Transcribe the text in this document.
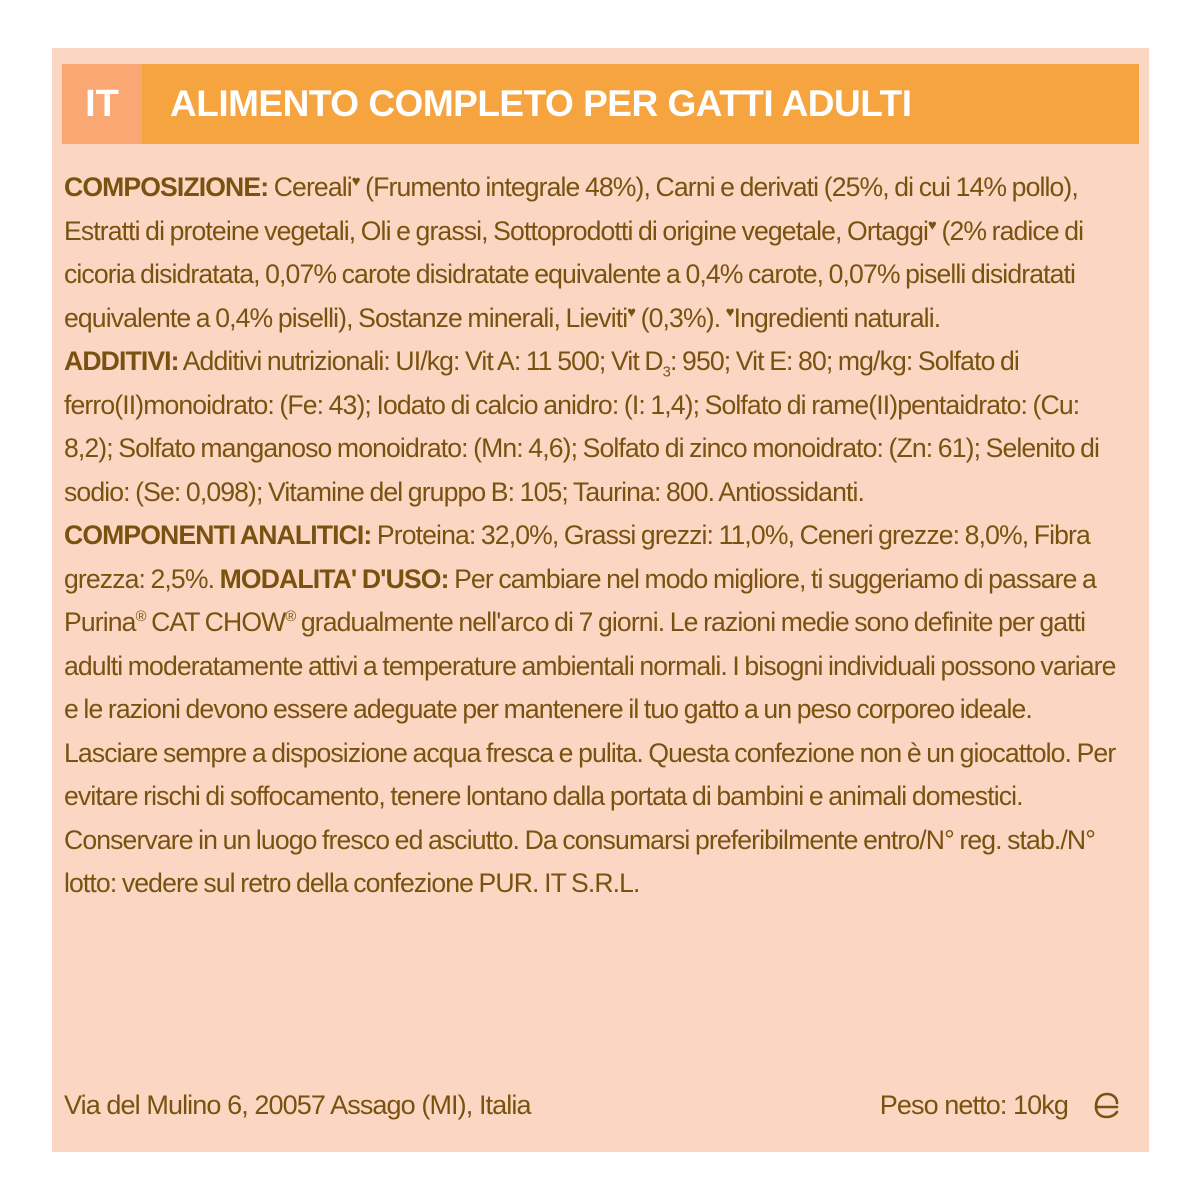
IT	ALIMENTO COMPLETO PER GATTI ADULTI

COMPOSIZIONE: Cereali♥ (Frumento integrale 48%), Carni e derivati (25%, di cui 14% pollo), Estratti di proteine vegetali, Oli e grassi, Sottoprodotti di origine vegetale, Ortaggi♥ (2% radice di cicoria disidratata, 0,07% carote disidratate equivalente a 0,4% carote, 0,07% piselli disidratati equivalente a 0,4% piselli), Sostanze minerali, Lieviti♥ (0,3%). ♥Ingredienti naturali.

ADDITIVI: Additivi nutrizionali: UI/kg: Vit A: 11 500; Vit $D_3$: 950; Vit E: 80; mg/kg: Solfato di ferro(II)monoidrato: (Fe: 43); Iodato di calcio anidro: (I: 1,4); Solfato di rame(II)pentaidrato: (Cu: 8,2); Solfato manganoso monoidrato: (Mn: 4,6); Solfato di zinco monoidrato: (Zn: 61); Selenito di sodio: (Se: 0,098); Vitamine del gruppo B: 105; Taurina: 800. Antiossidanti.

COMPONENTI ANALITICI: Proteina: 32,0%, Grassi grezzi: 11,0%, Ceneri grezze: 8,0%, Fibra grezza: 2,5%. MODALITA' D'USO: Per cambiare nel modo migliore, ti suggeriamo di passare a Purina® CAT CHOW® gradualmente nell'arco di 7 giorni. Le razioni medie sono definite per gatti adulti moderatamente attivi a temperature ambientali normali. I bisogni individuali possono variare e le razioni devono essere adeguate per mantenere il tuo gatto a un peso corporeo ideale. Lasciare sempre a disposizione acqua fresca e pulita. Questa confezione non è un giocattolo. Per evitare rischi di soffocamento, tenere lontano dalla portata di bambini e animali domestici. Conservare in un luogo fresco ed asciutto. Da consumarsi preferibilmente entro/N° reg. stab./N° lotto: vedere sul retro della confezione PUR. IT S.R.L.

Via del Mulino 6, 20057 Assago (MI), Italia	Peso netto: 10kg
